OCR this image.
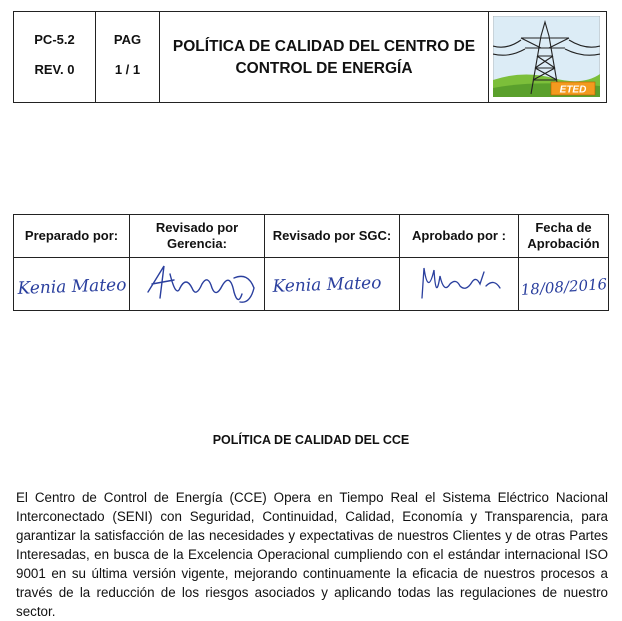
PC-5.2
REV. 0
PAG
1 / 1
POLÍTICA DE CALIDAD DEL CENTRO DE
CONTROL DE ENERGÍA
ETED
Preparado por:
Kenia Mateo
Revisado por
Gerencia:
Revisado por SGC:
Kenia Mateo
Aprobado por :
Fecha de
Aprobación
18/08/2016
POLÍTICA DE CALIDAD DEL CCE
El Centro de Control de Energía (CCE) Opera en Tiempo Real el Sistema Eléctrico Nacional Interconectado (SENI) con Seguridad, Continuidad, Calidad, Economía y Transparencia, para garantizar la satisfacción de las necesidades y expectativas de nuestros Clientes y de otras Partes Interesadas, en busca de la Excelencia Operacional cumpliendo con el estándar internacional ISO 9001 en su última versión vigente, mejorando continuamente la eficacia de nuestros procesos a través de la reducción de los riesgos asociados y aplicando todas las regulaciones de nuestro sector.
